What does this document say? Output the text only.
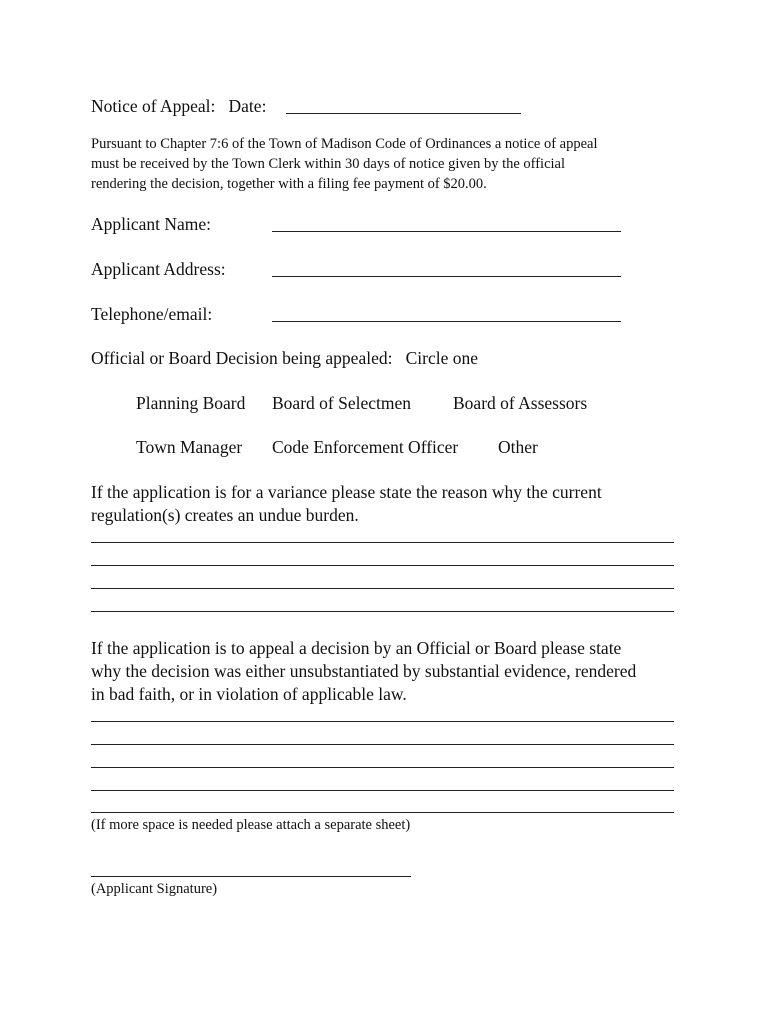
Notice of Appeal: Date:
Pursuant to Chapter 7:6 of the Town of Madison Code of Ordinances a notice of appeal
must be received by the Town Clerk within 30 days of notice given by the official
rendering the decision, together with a filing fee payment of $20.00.
Applicant Name:
Applicant Address:
Telephone/email:
Official or Board Decision being appealed: Circle one
Planning Board Board of Selectmen Board of Assessors
Town Manager Code Enforcement Officer Other
If the application is for a variance please state the reason why the current
regulation(s) creates an undue burden.
If the application is to appeal a decision by an Official or Board please state
why the decision was either unsubstantiated by substantial evidence, rendered
in bad faith, or in violation of applicable law.
(If more space is needed please attach a separate sheet)
(Applicant Signature)
